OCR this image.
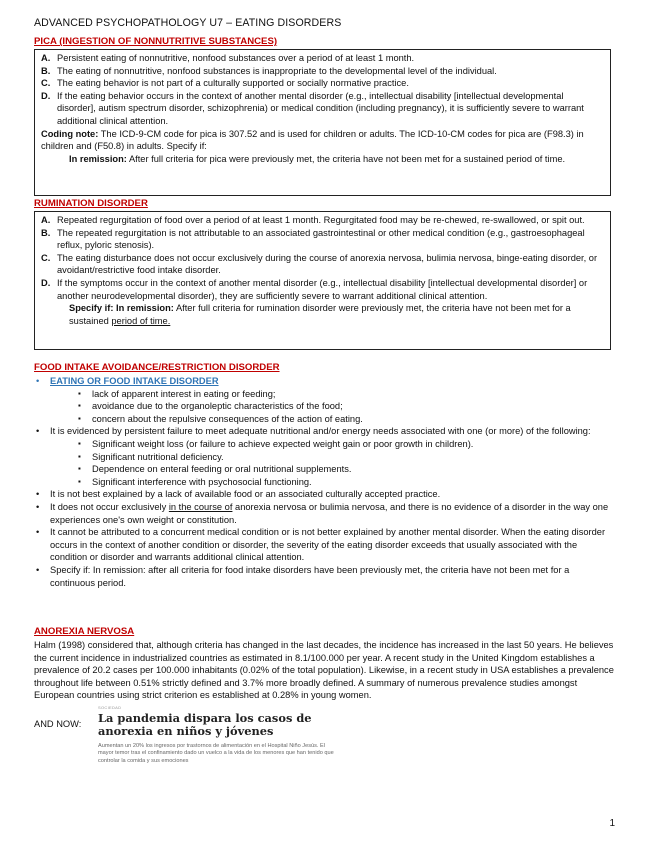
ADVANCED PSYCHOPATHOLOGY U7 – EATING DISORDERS
PICA (INGESTION OF NONNUTRITIVE SUBSTANCES)
A. Persistent eating of nonnutritive, nonfood substances over a period of at least 1 month.
B. The eating of nonnutritive, nonfood substances is inappropriate to the developmental level of the individual.
C. The eating behavior is not part of a culturally supported or socially normative practice.
D. If the eating behavior occurs in the context of another mental disorder (e.g., intellectual disability [intellectual developmental disorder], autism spectrum disorder, schizophrenia) or medical condition (including pregnancy), it is sufficiently severe to warrant additional clinical attention.

Coding note: The ICD-9-CM code for pica is 307.52 and is used for children or adults. The ICD-10-CM codes for pica are (F98.3) in children and (F50.8) in adults. Specify if:

In remission: After full criteria for pica were previously met, the criteria have not been met for a sustained period of time.

RUMINATION DISORDER
A. Repeated regurgitation of food over a period of at least 1 month. Regurgitated food may be re-chewed, re-swallowed, or spit out.
B. The repeated regurgitation is not attributable to an associated gastrointestinal or other medical condition (e.g., gastroesophageal reflux, pyloric stenosis).
C. The eating disturbance does not occur exclusively during the course of anorexia nervosa, bulimia nervosa, binge-eating disorder, or avoidant/restrictive food intake disorder.
D. If the symptoms occur in the context of another mental disorder (e.g., intellectual disability [intellectual developmental disorder] or another neurodevelopmental disorder), they are sufficiently severe to warrant additional clinical attention.

Specify if: In remission: After full criteria for rumination disorder were previously met, the criteria have not been met for a sustained period of time.

FOOD INTAKE AVOIDANCE/RESTRICTION DISORDER
• EATING OR FOOD INTAKE DISORDER
▪ lack of apparent interest in eating or feeding;
▪ avoidance due to the organoleptic characteristics of the food;
▪ concern about the repulsive consequences of the action of eating.
• It is evidenced by persistent failure to meet adequate nutritional and/or energy needs associated with one (or more) of the following:
▪ Significant weight loss (or failure to achieve expected weight gain or poor growth in children).
▪ Significant nutritional deficiency.
▪ Dependence on enteral feeding or oral nutritional supplements.
▪ Significant interference with psychosocial functioning.
• It is not best explained by a lack of available food or an associated culturally accepted practice.
• It does not occur exclusively in the course of anorexia nervosa or bulimia nervosa, and there is no evidence of a disorder in the way one experiences one's own weight or constitution.
• It cannot be attributed to a concurrent medical condition or is not better explained by another mental disorder. When the eating disorder occurs in the context of another condition or disorder, the severity of the eating disorder exceeds that usually associated with the condition or disorder and warrants additional clinical attention.
• Specify if: In remission: after all criteria for food intake disorders have been previously met, the criteria have not been met for a continuous period.
ANOREXIA NERVOSA
Halm (1998) considered that, although criteria has changed in the last decades, the incidence has increased in the last 50 years. He believes the current incidence in industrialized countries as estimated in 8.1/100.000 per year. A recent study in the United Kingdom establishes a prevalence of 20.2 cases per 100.000 inhabitants (0.02% of the total population). Likewise, in a recent study in USA establishes a prevalence throughout life between 0.51% strictly defined and 3.7% more broadly defined. A summary of numerous prevalence studies amongst European countries using strict criterion es established at 0.28% in young women.
AND NOW:
SOCIEDAD
La pandemia dispara los casos de anorexia en niños y jóvenes
Aumentan un 20% los ingresos por trastornos de alimentación en el Hospital Niño Jesús. El mayor temor tras el confinamiento dado un vuelco a la vida de los menores que han tenido que controlar la comida y sus emociones
1
